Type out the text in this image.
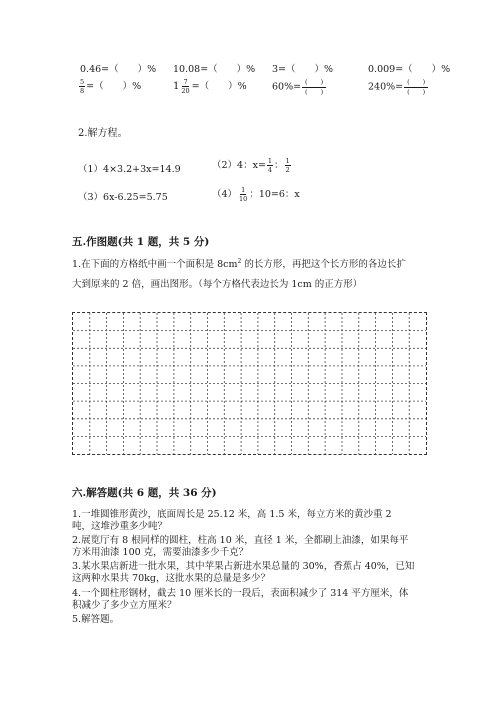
0.46=（　　）% 10.08=（　　）% 3=（　　）%	0.009=（　　）%
$\frac{5}{8}$ =（　　）%	$1 \frac{7}{20}$ =（　　）%	$60\%= \frac{( )}{( )}$	$240\%= \frac{( )}{( )}$
2.解方程。
（1）4×3.2+3x=14.9	（2）4：$x= \frac{1}{4}$ ： $\frac{1}{2}$
（3）6x-6.25=5.75	$(4) \frac{1}{10}$ ：10=6：x
五.作图题(共 1 题，共 5 分)
1.在下面的方格纸中画一个面积是 $8cm^2$ 的长方形，再把这个长方形的各边长扩
大到原来的 2 倍，画出图形。（每个方格代表边长为 1cm 的正方形）
六.解答题(共 6 题，共 36 分)
1.一堆圆锥形黄沙，底面周长是 25.12 米，高 1.5 米，每立方米的黄沙重 2
吨，这堆沙重多少吨？
2.展览厅有 8 根同样的圆柱，柱高 10 米，直径 1 米，全都刷上油漆，如果每平
方米用油漆 100 克，需要油漆多少千克？
3.某水果店新进一批水果，其中苹果占新进水果总量的 30%，香蕉占 40%，已知
这两种水果共 70kg，这批水果的总量是多少？
4.一个圆柱形钢材，截去 10 厘米长的一段后，表面积减少了 314 平方厘米，体
积减少了多少立方厘米？
5.解答题。
